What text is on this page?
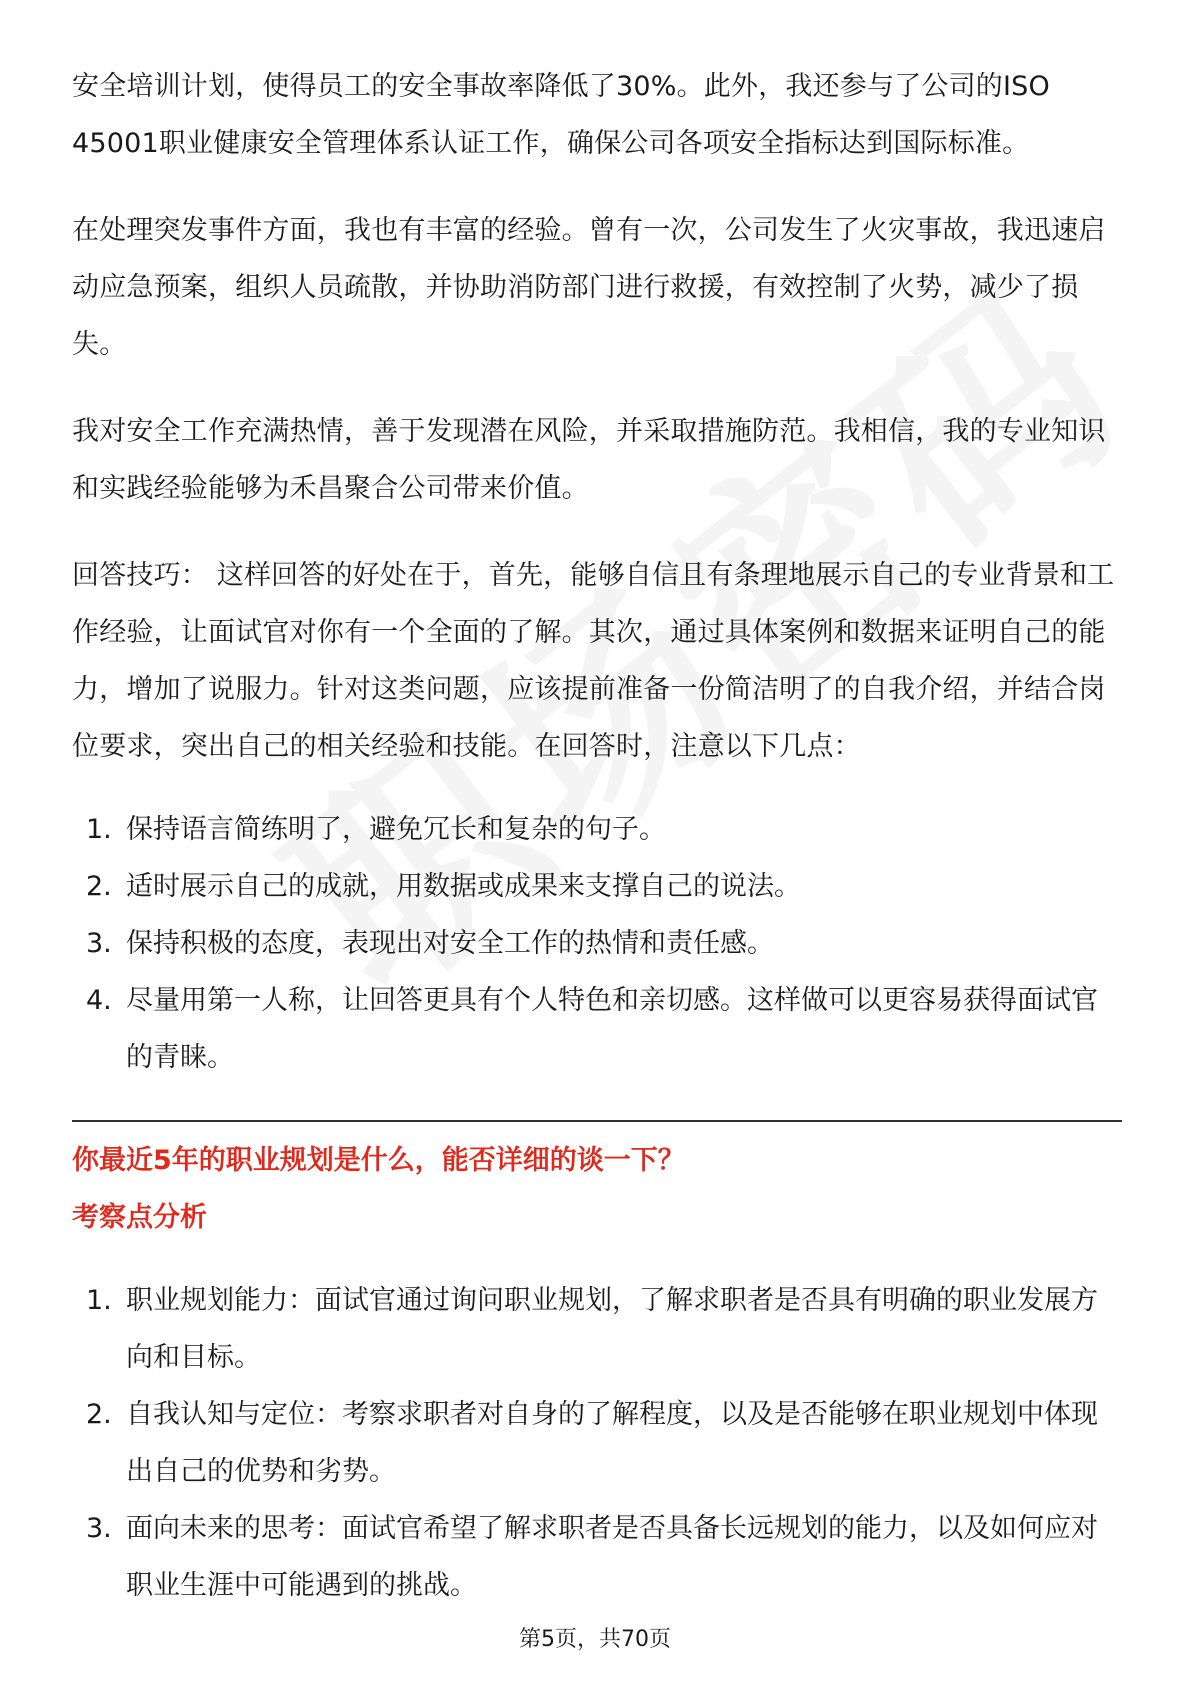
安全培训计划，使得员工的安全事故率降低了30%。此外，我还参与了公司的ISO 45001职业健康安全管理体系认证工作，确保公司各项安全指标达到国际标准。

在处理突发事件方面，我也有丰富的经验。曾有一次，公司发生了火灾事故，我迅速启动应急预案，组织人员疏散，并协助消防部门进行救援，有效控制了火势，减少了损失。

我对安全工作充满热情，善于发现潜在风险，并采取措施防范。我相信，我的专业知识和实践经验能够为禾昌聚合公司带来价值。

回答技巧： 这样回答的好处在于，首先，能够自信且有条理地展示自己的专业背景和工作经验，让面试官对你有一个全面的了解。其次，通过具体案例和数据来证明自己的能力，增加了说服力。针对这类问题，应该提前准备一份简洁明了的自我介绍，并结合岗位要求，突出自己的相关经验和技能。在回答时，注意以下几点：

1. 保持语言简练明了，避免冗长和复杂的句子。
2. 适时展示自己的成就，用数据或成果来支撑自己的说法。
3. 保持积极的态度，表现出对安全工作的热情和责任感。
4. 尽量用第一人称，让回答更具有个人特色和亲切感。这样做可以更容易获得面试官的青睐。

你最近5年的职业规划是什么，能否详细的谈一下？

考察点分析

1. 职业规划能力：面试官通过询问职业规划，了解求职者是否具有明确的职业发展方向和目标。
2. 自我认知与定位：考察求职者对自身的了解程度，以及是否能够在职业规划中体现出自己的优势和劣势。
3. 面向未来的思考：面试官希望了解求职者是否具备长远规划的能力，以及如何应对职业生涯中可能遇到的挑战。
第5页，共70页
